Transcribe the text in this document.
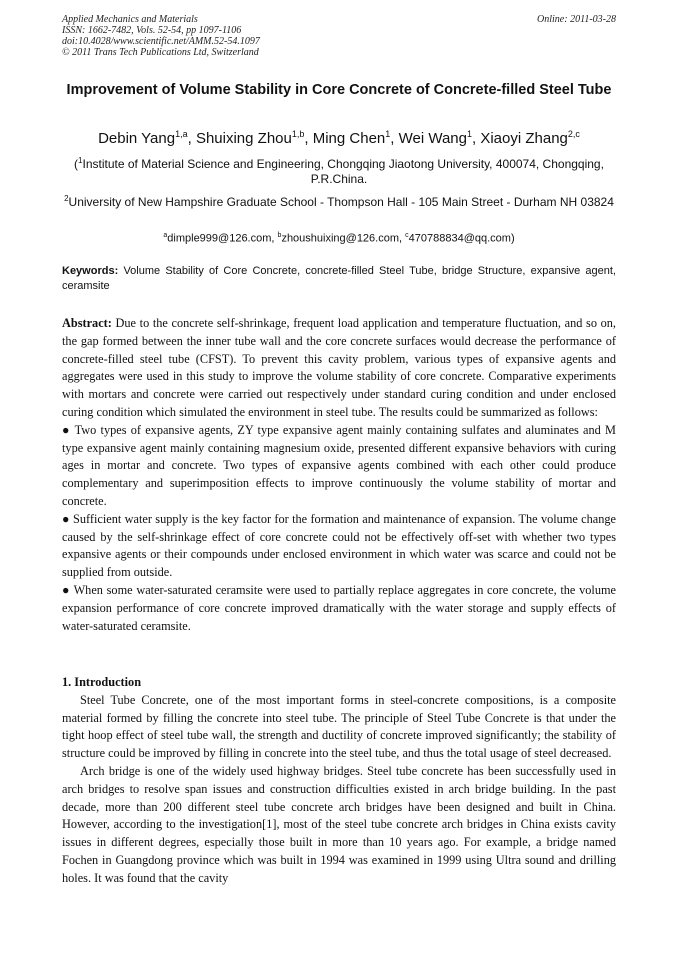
Applied Mechanics and Materials
ISSN: 1662-7482, Vols. 52-54, pp 1097-1106
doi:10.4028/www.scientific.net/AMM.52-54.1097
© 2011 Trans Tech Publications Ltd, Switzerland
Online: 2011-03-28
Improvement of Volume Stability in Core Concrete of Concrete-filled Steel Tube
Debin Yang$^{1,a}$, Shuixing Zhou$^{1,b}$, Ming Chen$^1$, Wei Wang$^1$, Xiaoyi Zhang$^{2,c}$
($^1$Institute of Material Science and Engineering, Chongqing Jiaotong University, 400074, Chongqing, P.R.China.
$^2$University of New Hampshire Graduate School - Thompson Hall - 105 Main Street - Durham NH 03824
$^a$dimple999@126.com, $^b$zhoushuixing@126.com, $^c$470788834@qq.com)
Keywords: Volume Stability of Core Concrete, concrete-filled Steel Tube, bridge Structure, expansive agent, ceramsite

Abstract: Due to the concrete self-shrinkage, frequent load application and temperature fluctuation, and so on, the gap formed between the inner tube wall and the core concrete surfaces would decrease the performance of concrete-filled steel tube (CFST). To prevent this cavity problem, various types of expansive agents and aggregates were used in this study to improve the volume stability of core concrete. Comparative experiments with mortars and concrete were carried out respectively under standard curing condition and under enclosed curing condition which simulated the environment in steel tube. The results could be summarized as follows:

● Two types of expansive agents, ZY type expansive agent mainly containing sulfates and aluminates and M type expansive agent mainly containing magnesium oxide, presented different expansive behaviors with curing ages in mortar and concrete. Two types of expansive agents combined with each other could produce complementary and superimposition effects to improve continuously the volume stability of mortar and concrete.

● Sufficient water supply is the key factor for the formation and maintenance of expansion. The volume change caused by the self-shrinkage effect of core concrete could not be effectively off-set with whether two types expansive agents or their compounds under enclosed environment in which water was scarce and could not be supplied from outside.

● When some water-saturated ceramsite were used to partially replace aggregates in core concrete, the volume expansion performance of core concrete improved dramatically with the water storage and supply effects of water-saturated ceramsite.

1. Introduction

Steel Tube Concrete, one of the most important forms in steel-concrete compositions, is a composite material formed by filling the concrete into steel tube. The principle of Steel Tube Concrete is that under the tight hoop effect of steel tube wall, the strength and ductility of concrete improved significantly; the stability of structure could be improved by filling in concrete into the steel tube, and thus the total usage of steel decreased.

Arch bridge is one of the widely used highway bridges. Steel tube concrete has been successfully used in arch bridges to resolve span issues and construction difficulties existed in arch bridge building. In the past decade, more than 200 different steel tube concrete arch bridges have been designed and built in China. However, according to the investigation[1], most of the steel tube concrete arch bridges in China exists cavity issues in different degrees, especially those built in more than 10 years ago. For example, a bridge named Fochen in Guangdong province which was built in 1994 was examined in 1999 using Ultra sound and drilling holes. It was found that the cavity
